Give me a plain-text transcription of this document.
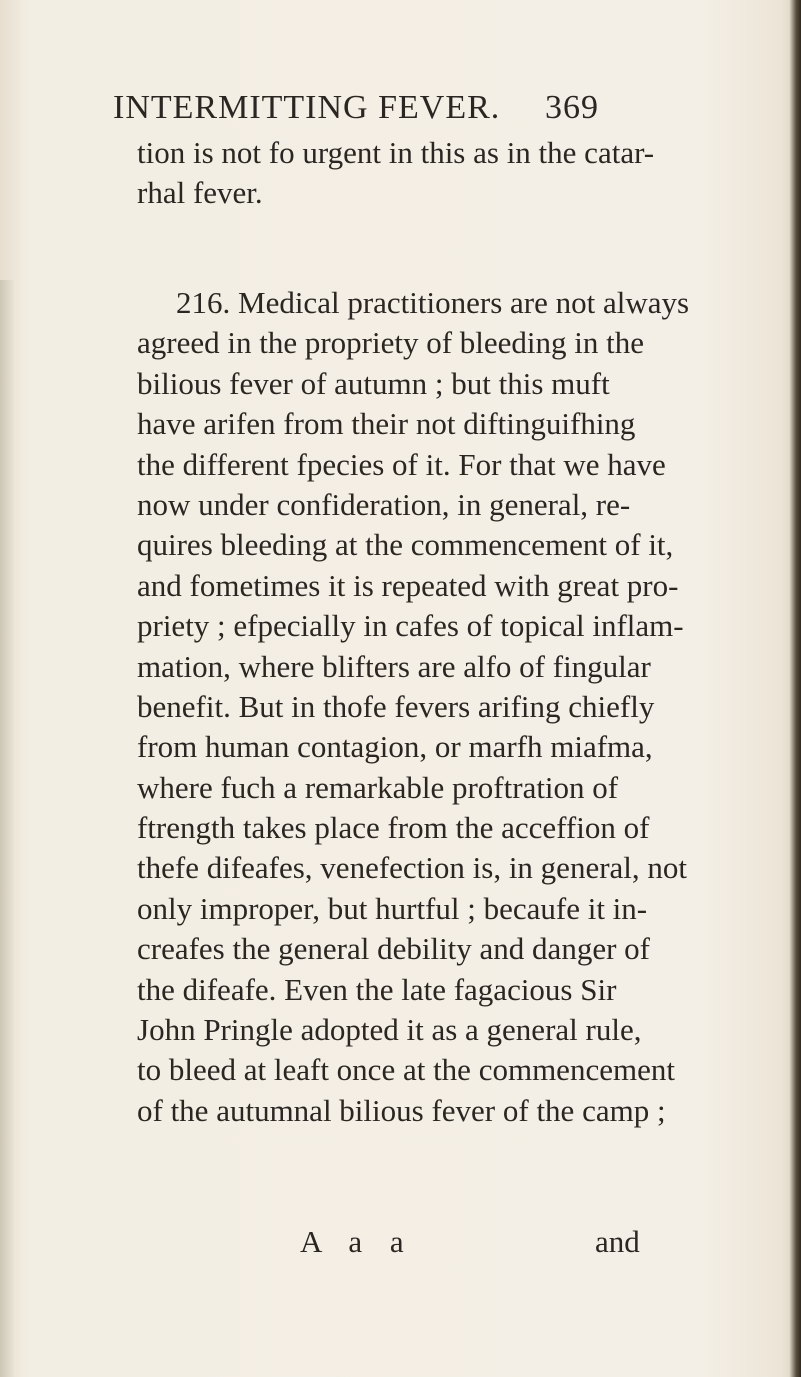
INTERMITTING FEVER. 369
tion is not fo urgent in this as in the catar-
rhal fever.
216. Medical practitioners are not always
agreed in the propriety of bleeding in the
bilious fever of autumn ; but this muft
have arifen from their not diftinguifhing
the different fpecies of it. For that we have
now under confideration, in general, re-
quires bleeding at the commencement of it,
and fometimes it is repeated with great pro-
priety ; efpecially in cafes of topical inflam-
mation, where blifters are alfo of fingular
benefit. But in thofe fevers arifing chiefly
from human contagion, or marfh miafma,
where fuch a remarkable proftration of
ftrength takes place from the acceffion of
thefe difeafes, venefection is, in general, not
only improper, but hurtful ; becaufe it in-
creafes the general debility and danger of
the difeafe. Even the late fagacious Sir
John Pringle adopted it as a general rule,
to bleed at leaft once at the commencement
of the autumnal bilious fever of the camp ;
A a a	and
